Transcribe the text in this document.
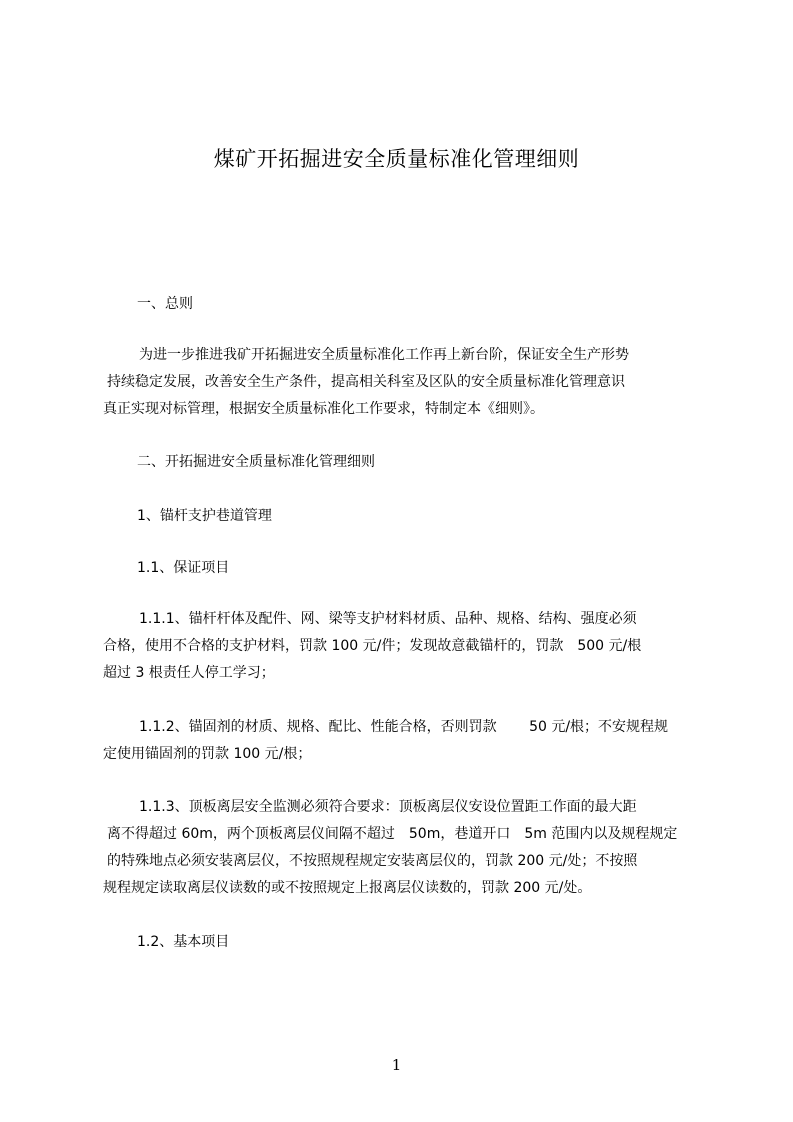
煤矿开拓掘进安全质量标准化管理细则
一、总则
为进一步推进我矿开拓掘进安全质量标准化工作再上新台阶，保证安全生产形势
持续稳定发展，改善安全生产条件，提高相关科室及区队的安全质量标准化管理意识
真正实现对标管理，根据安全质量标准化工作要求，特制定本《细则》。
二、开拓掘进安全质量标准化管理细则
1、锚杆支护巷道管理
1.1、保证项目
1.1.1、锚杆杆体及配件、网、梁等支护材料材质、品种、规格、结构、强度必须
合格，使用不合格的支护材料，罚款 100 元/件；发现故意截锚杆的，罚款　500 元/根
超过 3 根责任人停工学习；
1.1.2、锚固剂的材质、规格、配比、性能合格，否则罚款　　 50 元/根；不安规程规
定使用锚固剂的罚款 100 元/根；
1.1.3、顶板离层安全监测必须符合要求：顶板离层仪安设位置距工作面的最大距
离不得超过 60m，两个顶板离层仪间隔不超过　50m，巷道开口　5m 范围内以及规程规定
的特殊地点必须安装离层仪，不按照规程规定安装离层仪的，罚款 200 元/处；不按照
规程规定读取离层仪读数的或不按照规定上报离层仪读数的，罚款 200 元/处。
1.2、基本项目
1
